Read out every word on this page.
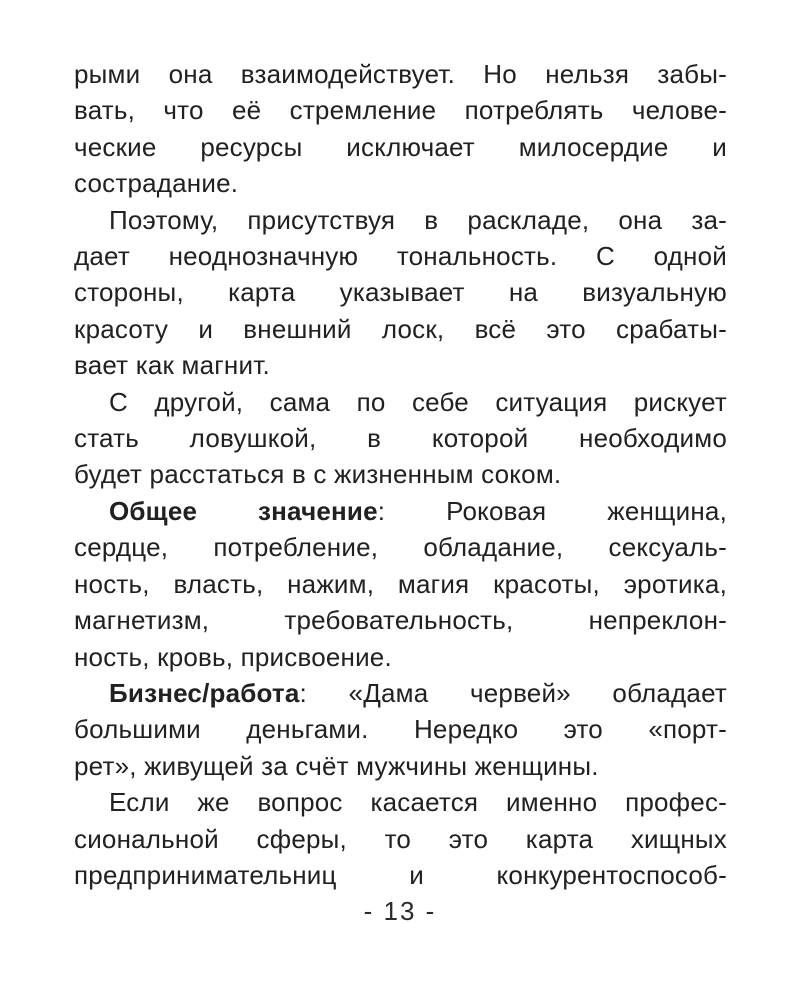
рыми она взаимодействует. Но нельзя забы-
вать, что её стремление потреблять челове-
ческие ресурсы исключает милосердие и
сострадание.
Поэтому, присутствуя в раскладе, она за-
дает неоднозначную тональность. С одной
стороны, карта указывает на визуальную
красоту и внешний лоск, всё это срабаты-
вает как магнит.
С другой, сама по себе ситуация рискует
стать ловушкой, в которой необходимо
будет расстаться в с жизненным соком.
Общее значение: Роковая женщина,
сердце, потребление, обладание, сексуаль-
ность, власть, нажим, магия красоты, эротика,
магнетизм, требовательность, непреклон-
ность, кровь, присвоение.
Бизнес/работа: «Дама червей» обладает
большими деньгами. Нередко это «порт-
рет», живущей за счёт мужчины женщины.
Если же вопрос касается именно профес-
сиональной сферы, то это карта хищных
предпринимательниц и конкурентоспособ-
- 13 -
